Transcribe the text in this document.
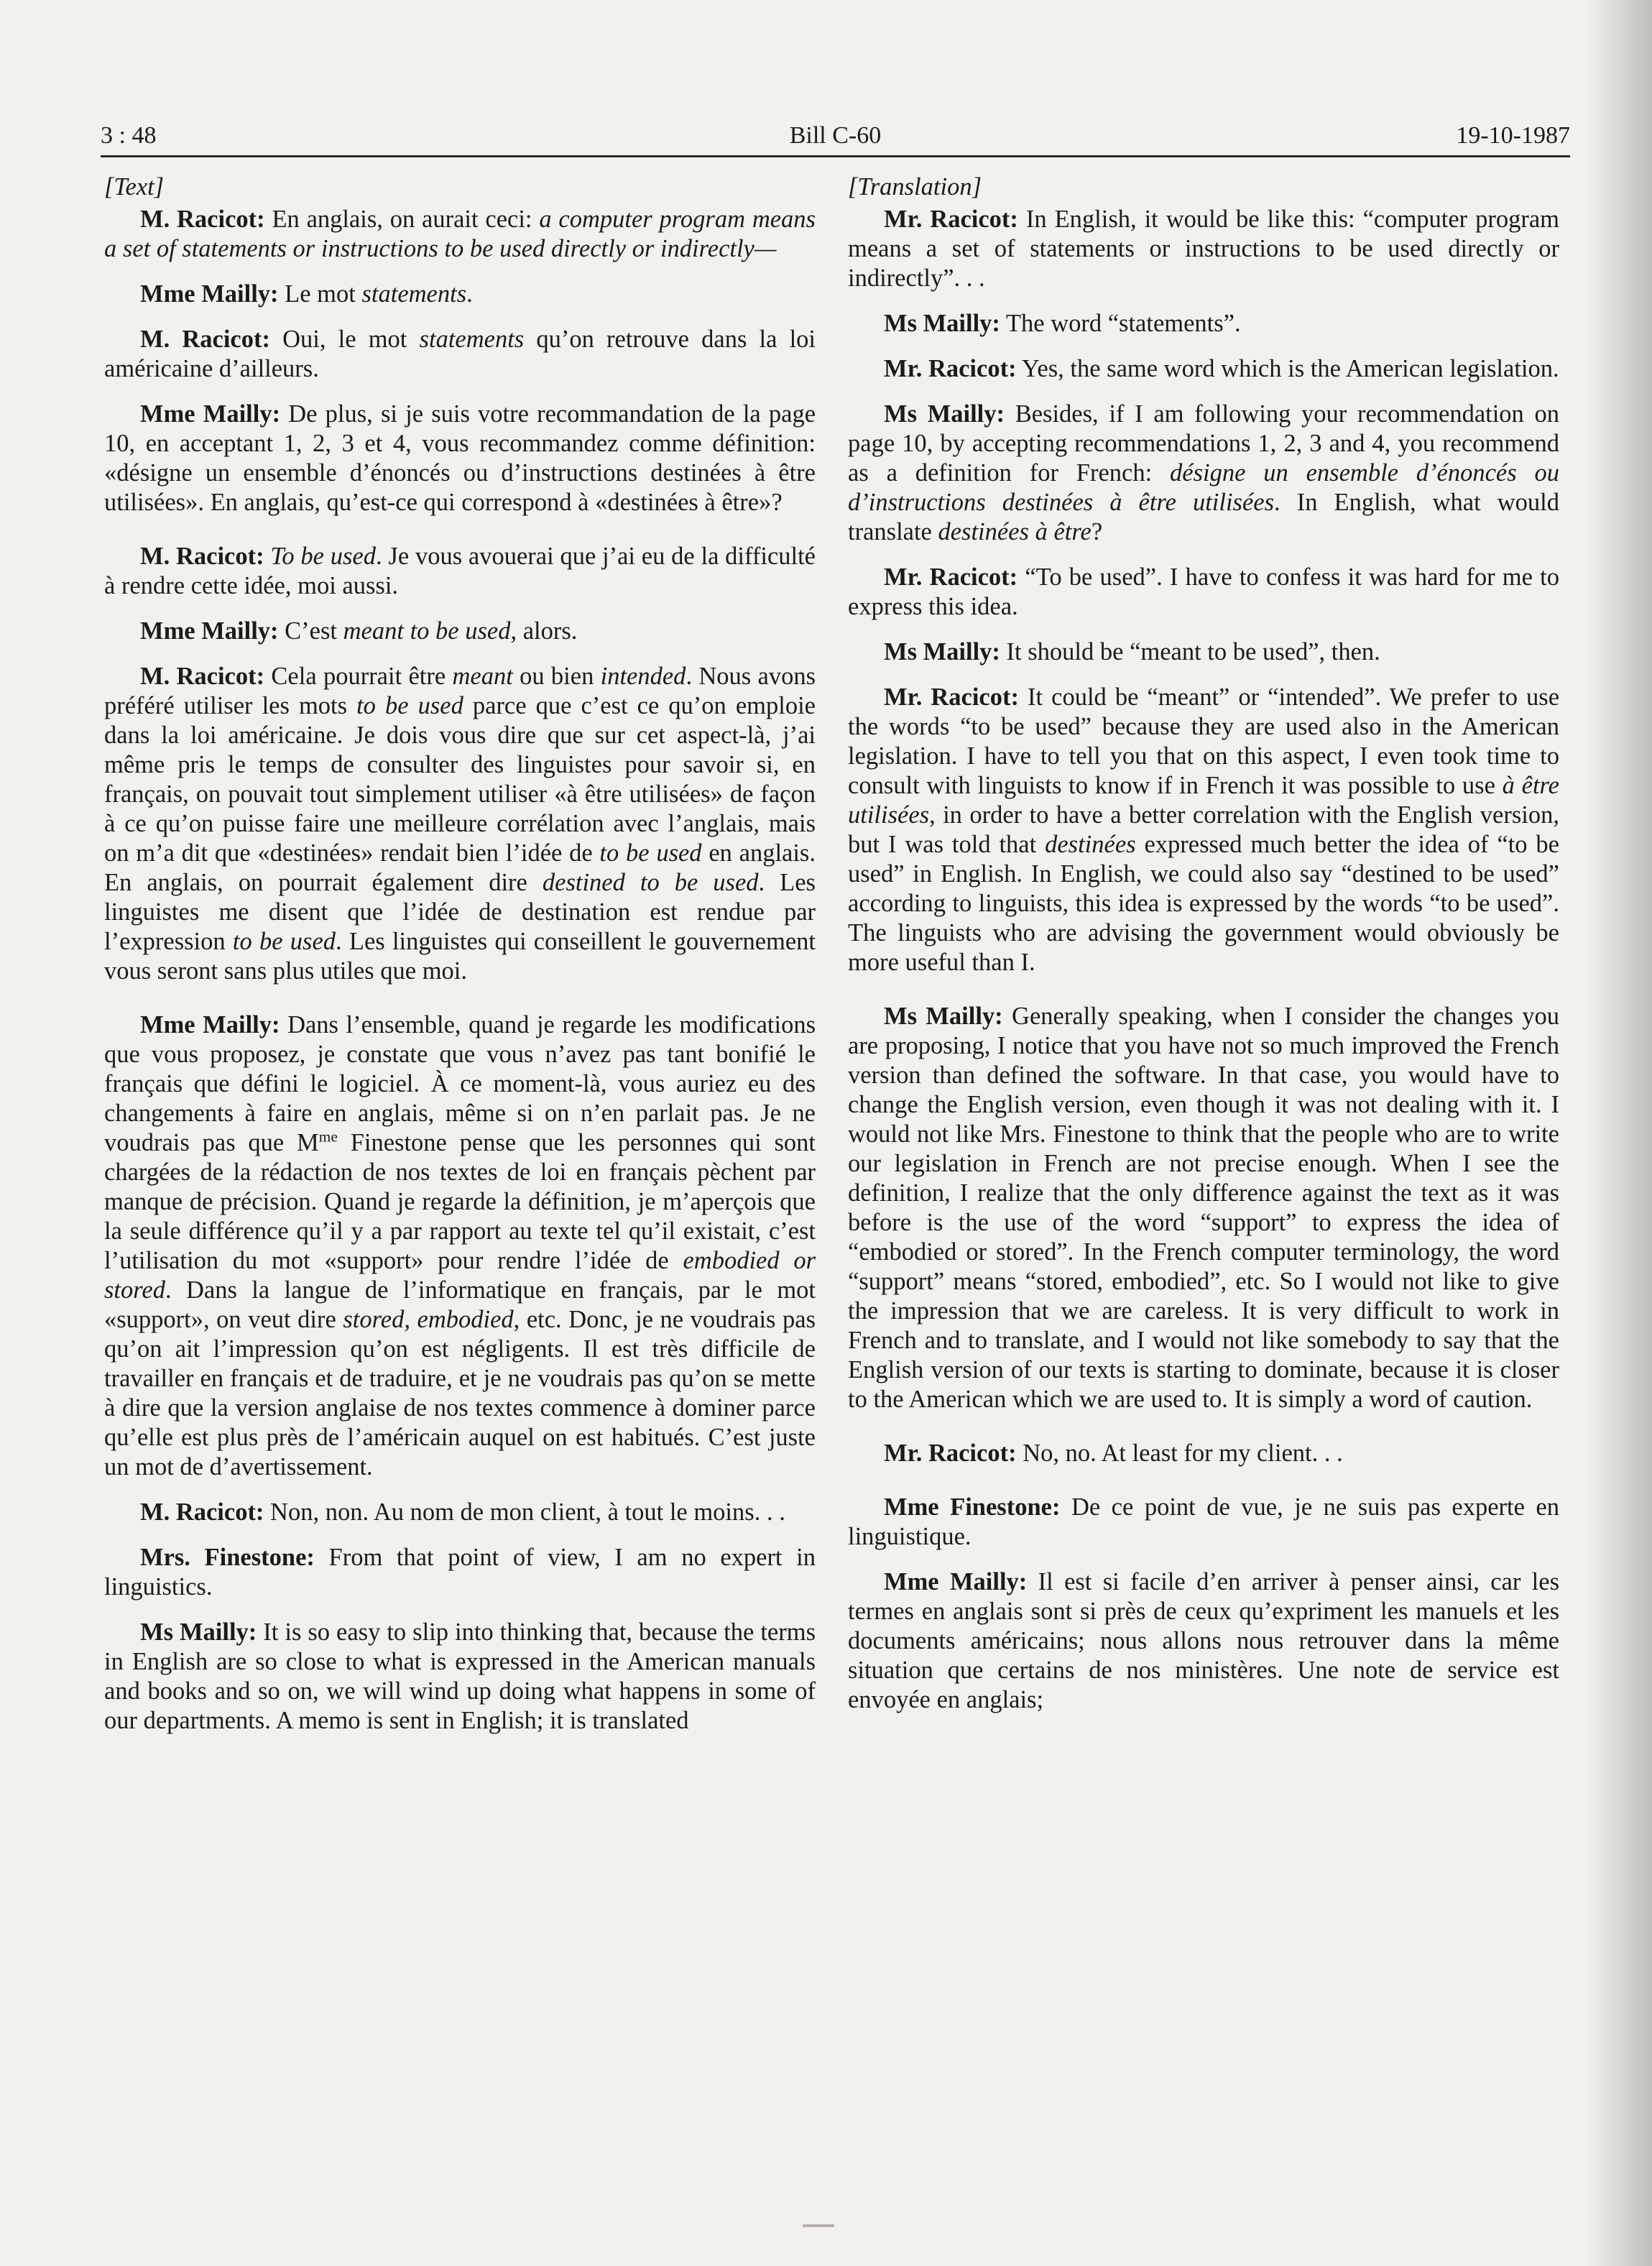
3 : 48	Bill C-60	19-10-1987

[Text]

M. Racicot: En anglais, on aurait ceci: a computer program means a set of statements or instructions to be used directly or indirectly—

Mme Mailly: Le mot statements.

M. Racicot: Oui, le mot statements qu’on retrouve dans la loi américaine d’ailleurs.

Mme Mailly: De plus, si je suis votre recommandation de la page 10, en acceptant 1, 2, 3 et 4, vous recommandez comme définition: «désigne un ensemble d’énoncés ou d’instructions destinées à être utilisées». En anglais, qu’est-ce qui correspond à «destinées à être»?

M. Racicot: To be used. Je vous avouerai que j’ai eu de la difficulté à rendre cette idée, moi aussi.

Mme Mailly: C’est meant to be used, alors.

M. Racicot: Cela pourrait être meant ou bien intended. Nous avons préféré utiliser les mots to be used parce que c’est ce qu’on emploie dans la loi américaine. Je dois vous dire que sur cet aspect-là, j’ai même pris le temps de consulter des linguistes pour savoir si, en français, on pouvait tout simplement utiliser «à être utilisées» de façon à ce qu’on puisse faire une meilleure corrélation avec l’anglais, mais on m’a dit que «destinées» rendait bien l’idée de to be used en anglais. En anglais, on pourrait également dire destined to be used. Les linguistes me disent que l’idée de destination est rendue par l’expression to be used. Les linguistes qui conseillent le gouvernement vous seront sans plus utiles que moi.

Mme Mailly: Dans l’ensemble, quand je regarde les modifications que vous proposez, je constate que vous n’avez pas tant bonifié le français que défini le logiciel. À ce moment-là, vous auriez eu des changements à faire en anglais, même si on n’en parlait pas. Je ne voudrais pas que $M^{me}$ Finestone pense que les personnes qui sont chargées de la rédaction de nos textes de loi en français pèchent par manque de précision. Quand je regarde la définition, je m’aperçois que la seule différence qu’il y a par rapport au texte tel qu’il existait, c’est l’utilisation du mot «support» pour rendre l’idée de embodied or stored. Dans la langue de l’informatique en français, par le mot «support», on veut dire stored, embodied, etc. Donc, je ne voudrais pas qu’on ait l’impression qu’on est négligents. Il est très difficile de travailler en français et de traduire, et je ne voudrais pas qu’on se mette à dire que la version anglaise de nos textes commence à dominer parce qu’elle est plus près de l’américain auquel on est habitués. C’est juste un mot de d’avertissement.

M. Racicot: Non, non. Au nom de mon client, à tout le moins. . .

Mrs. Finestone: From that point of view, I am no expert in linguistics.

Ms Mailly: It is so easy to slip into thinking that, because the terms in English are so close to what is expressed in the American manuals and books and so on, we will wind up doing what happens in some of our departments. A memo is sent in English; it is translated

[Translation]

Mr. Racicot: In English, it would be like this: “computer program means a set of statements or instructions to be used directly or indirectly”. . .

Ms Mailly: The word “statements”.

Mr. Racicot: Yes, the same word which is the American legislation.

Ms Mailly: Besides, if I am following your recommendation on page 10, by accepting recommendations 1, 2, 3 and 4, you recommend as a definition for French: désigne un ensemble d’énoncés ou d’instructions destinées à être utilisées. In English, what would translate destinées à être?

Mr. Racicot: “To be used”. I have to confess it was hard for me to express this idea.

Ms Mailly: It should be “meant to be used”, then.

Mr. Racicot: It could be “meant” or “intended”. We prefer to use the words “to be used” because they are used also in the American legislation. I have to tell you that on this aspect, I even took time to consult with linguists to know if in French it was possible to use à être utilisées, in order to have a better correlation with the English version, but I was told that destinées expressed much better the idea of “to be used” in English. In English, we could also say “destined to be used” according to linguists, this idea is expressed by the words “to be used”. The linguists who are advising the government would obviously be more useful than I.

Ms Mailly: Generally speaking, when I consider the changes you are proposing, I notice that you have not so much improved the French version than defined the software. In that case, you would have to change the English version, even though it was not dealing with it. I would not like Mrs. Finestone to think that the people who are to write our legislation in French are not precise enough. When I see the definition, I realize that the only difference against the text as it was before is the use of the word “support” to express the idea of “embodied or stored”. In the French computer terminology, the word “support” means “stored, embodied”, etc. So I would not like to give the impression that we are careless. It is very difficult to work in French and to translate, and I would not like somebody to say that the English version of our texts is starting to dominate, because it is closer to the American which we are used to. It is simply a word of caution.

Mr. Racicot: No, no. At least for my client. . .

Mme Finestone: De ce point de vue, je ne suis pas experte en linguistique.

Mme Mailly: Il est si facile d’en arriver à penser ainsi, car les termes en anglais sont si près de ceux qu’expriment les manuels et les documents américains; nous allons nous retrouver dans la même situation que certains de nos ministères. Une note de service est envoyée en anglais;
